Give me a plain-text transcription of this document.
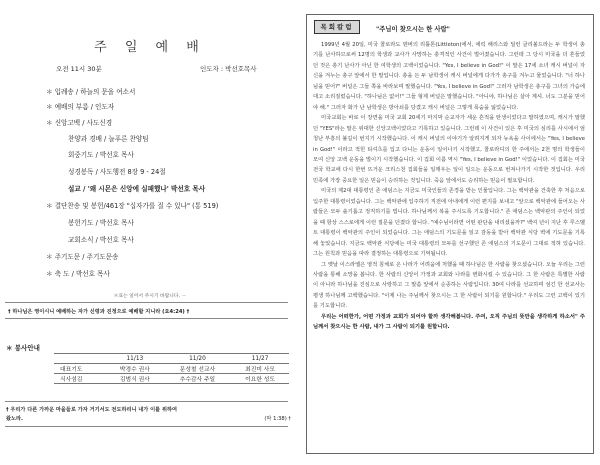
주 일 예 배
오전 11시 30분	인도자 : 박선호목사
＊ 입례송 / 하늘의 문을 여소서
＊ 예배의 부름 / 인도자
＊ 신앙고백 / 사도신경
찬양과 경배 / 늘푸른 찬양팀
회중기도 / 박선호 목사
성경봉독 / 사도행전 8장 9 - 24절
설교 / '왜 시몬은 신앙에 실패했나' 박선호 목사
＊ 결단찬송 및 봉헌/461장 "십자가를 질 수 있나" (통 519)
봉헌기도 / 박선호 목사
교회소식 / 박선호 목사
＊ 주기도문 / 주기도문송
＊ 축 도 / 박선호 목사
＊표는 일어서 주시기 바랍니다. －
† 하나님은 영이시니 예배하는 자가 신령과 진정으로 예배할 지니라 (요4:24) †
＊ 봉사안내
	11/13	11/20	11/27
대표기도	박경수 권사	문성철 선교사	최진미 사모
식사섬김	김범식 권사	추수감사 주일	이요한 성도
† 우리가 다른 가까운 마을들로 가자 거기서도 전도하리니 내가 이를 위하여
왔노라.	(막 1:38) †
목회칼럼	"주님이 찾으시는 한 사람"

1999년 4월 20일, 미국 콜로라도 덴버의 리틀톤(Littleton)에서, 에릭 해리스와 딜런 클리볼드라는 두 학생이 총기를 난사하므로써 12명의 학생과 교사가 사망하는 충격적인 사건이 벌어졌습니다. 그런데 그 당시 미국을 더 흔들었던 것은 총기 난사가 아닌 한 여학생의 고백이었습니다. "Yes, I believe in God!" 이 말은 17세 소녀 캐시 버널이 자신을 겨누는 총구 앞에서 한 말입니다. 총을 든 두 남학생이 캐시 버널에게 다가가 총구를 겨누고 물었습니다. "너 하나님을 믿어?" 버널은 그들 쪽을 바라보며 말했습니다. "Yes, I believe in God!" 그러자 남학생은 총구를 그녀의 가슴에 대고 소리질렀습니다. "하나님은 없어!" 그들 형제 버널은 말했습니다. "아니야, 하나님은 살아 계셔. 너도 그분을 믿어야 해." 그러자 화가 난 남학생은 방아쇠를 당겼고 캐시 버널은 그렇게 목숨을 잃었습니다.

미국교회는 바로 이 장면을 미국 교회 20세기 마지막 순교자가 세운 흔적을 탄생이었다고 말하였으며, 캐시가 말했던 "YES"라는 말은 위대한 신앙고백이었다고 기록하고 있습니다. 그런데 이 사건이 있은 후 미국의 심리를 사시에서 엄청난 부흥의 불길이 번지기 시작했습니다. 이 캐시 버널의 이야기가 알려지게 되자 뉴욕을 사이에서는 "Yes, I believe in God!" 이라고 적힌 티셔츠를 입고 다니는 운동이 일어나기 시작했고, 콜로라디의 한 주에서는 2천 명의 학생들이 모여 신앙 고백 운동을 벌이기 시작했습니다. 이 집회 이름 역시 "Yes, I believe in God!" 이었습니다. 이 집회는 미국 전국 학교에 다시 한번 뜨거운 크리스천 집회들을 일깨우는 일이 일으는 운동으로 번져나가기 시작한 것입니다. 우리 민족에 가장 중요한 일은 믿음이 승리하는 것입니다. 죽음 앞에서도 승리하는 믿음이 필요합니다.

미국의 제2대 대통령인 존 애덤스는 지금도 미국인들의 존경을 받는 인물입니다. 그는 백악관을 건축한 후 처음으로 입주한 대통령이었습니다. 그는 백악관에 입주하기 직전에 아내에게 이런 편지를 보내고 "앞으로 백악관에 들어오는 사람들은 모두 솔기롭고 정직하기를 빕니다. 하나님께서 복을 주시도록 기도합니다." 존 애덤스는 백악관의 주인이 되었을 때 항상 스스로에게 이런 질문을 던졌다 합니다. "예수님이라면 어떤 판단을 내리셨을까?" 백여 년이 지난 후 루스벨트 대통령이 백악관의 주인이 되었습니다. 그는 애덤스의 기도문을 읽고 감동을 받아 백악관 식당 벽에 기도문을 기록해 놓았습니다. 지금도 백악관 식당에는 미국 대통령의 모두를 선구했던 존 애덤스의 기도문이 그대로 적혀 있습니다. 그는 원칙과 믿음을 따라 결정하는 대통령으로 기억됩니다.

그 옛날 이스라엘은 영적 침체로 온 나라가 어려움에 처했을 때 하나님은 한 사람을 찾으셨습니다. 오늘 우리는 그런 사람을 통해 소망을 봅니다. 한 사람의 신앙이 가정과 교회와 나라를 변화시킬 수 있습니다. 그 한 사람은 특별한 사람이 아니라 하나님을 진심으로 사랑하고 그 말씀 앞에서 순종하는 사람입니다. 30여 나라를 선교하며 섬긴 한 선교사는 평생 하나님께 고백했습니다. "이제 나는 주님께서 찾으시는 그 한 사람이 되기를 원합니다." 우리도 그런 고백이 있기를 기도합니다.

우리는 어떠한가, 어떤 가정과 교회가 되어야 할까 생각해봅니다. 주여, 오직 주님의 뜻만을 생각하게 하소서" 주님께서 찾으시는 한 사람, 내가 그 사람이 되기를 원합니다.
